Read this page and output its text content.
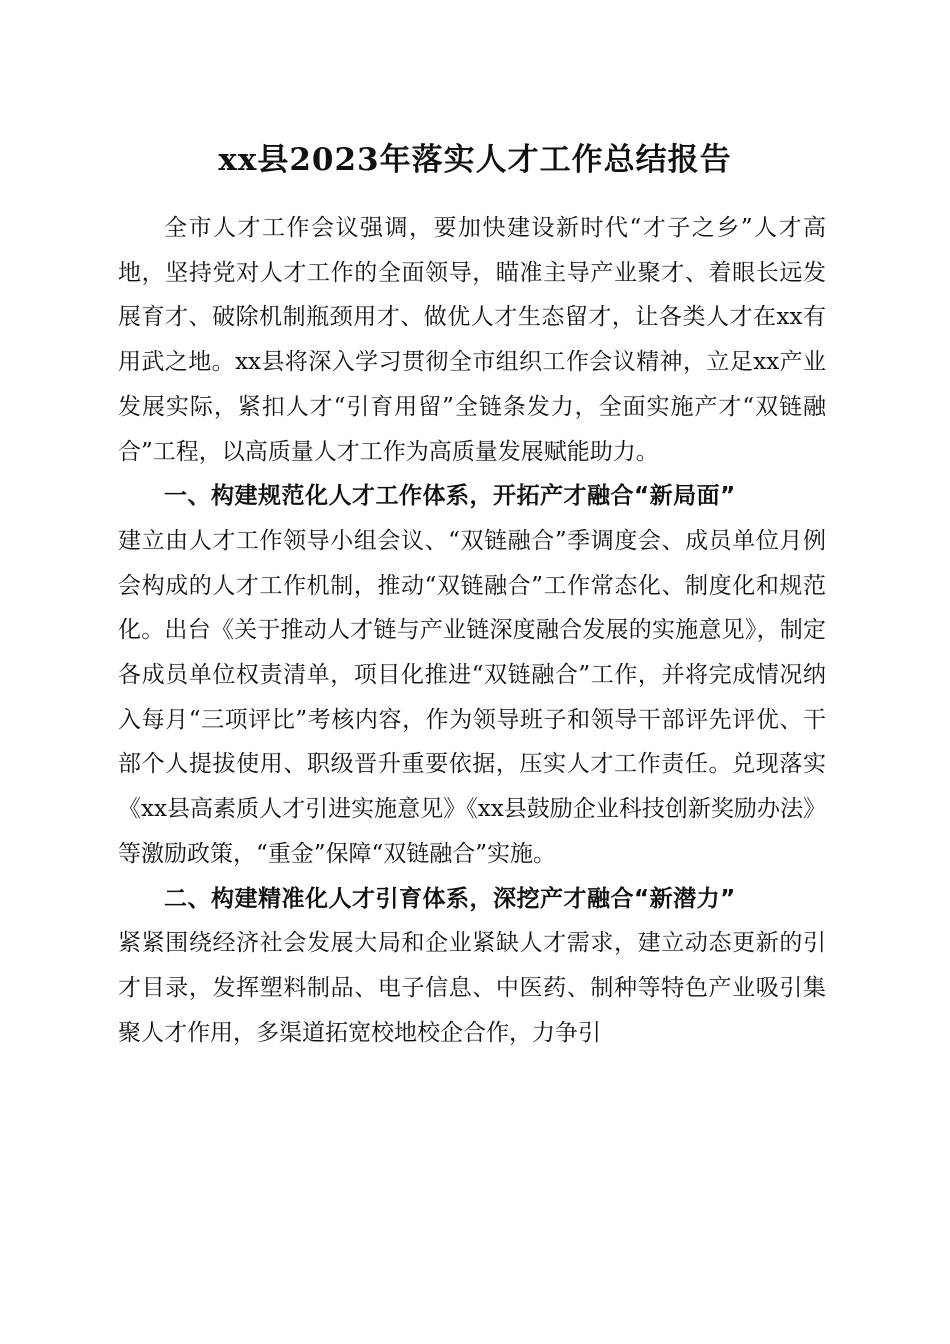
xx县2023年落实人才工作总结报告

全市人才工作会议强调，要加快建设新时代“才子之乡”人才高地，坚持党对人才工作的全面领导，瞄准主导产业聚才、着眼长远发展育才、破除机制瓶颈用才、做优人才生态留才，让各类人才在xx有用武之地。xx县将深入学习贯彻全市组织工作会议精神，立足xx产业发展实际，紧扣人才“引育用留”全链条发力，全面实施产才“双链融合”工程，以高质量人才工作为高质量发展赋能助力。

一、构建规范化人才工作体系，开拓产才融合“新局面”

建立由人才工作领导小组会议、“双链融合”季调度会、成员单位月例会构成的人才工作机制，推动“双链融合”工作常态化、制度化和规范化。出台《关于推动人才链与产业链深度融合发展的实施意见》，制定各成员单位权责清单，项目化推进“双链融合”工作，并将完成情况纳入每月“三项评比”考核内容，作为领导班子和领导干部评先评优、干部个人提拔使用、职级晋升重要依据，压实人才工作责任。兑现落实《xx县高素质人才引进实施意见》《xx县鼓励企业科技创新奖励办法》等激励政策，“重金”保障“双链融合”实施。

二、构建精准化人才引育体系，深挖产才融合“新潜力”

紧紧围绕经济社会发展大局和企业紧缺人才需求，建立动态更新的引才目录，发挥塑料制品、电子信息、中医药、制种等特色产业吸引集聚人才作用，多渠道拓宽校地校企合作，力争引
